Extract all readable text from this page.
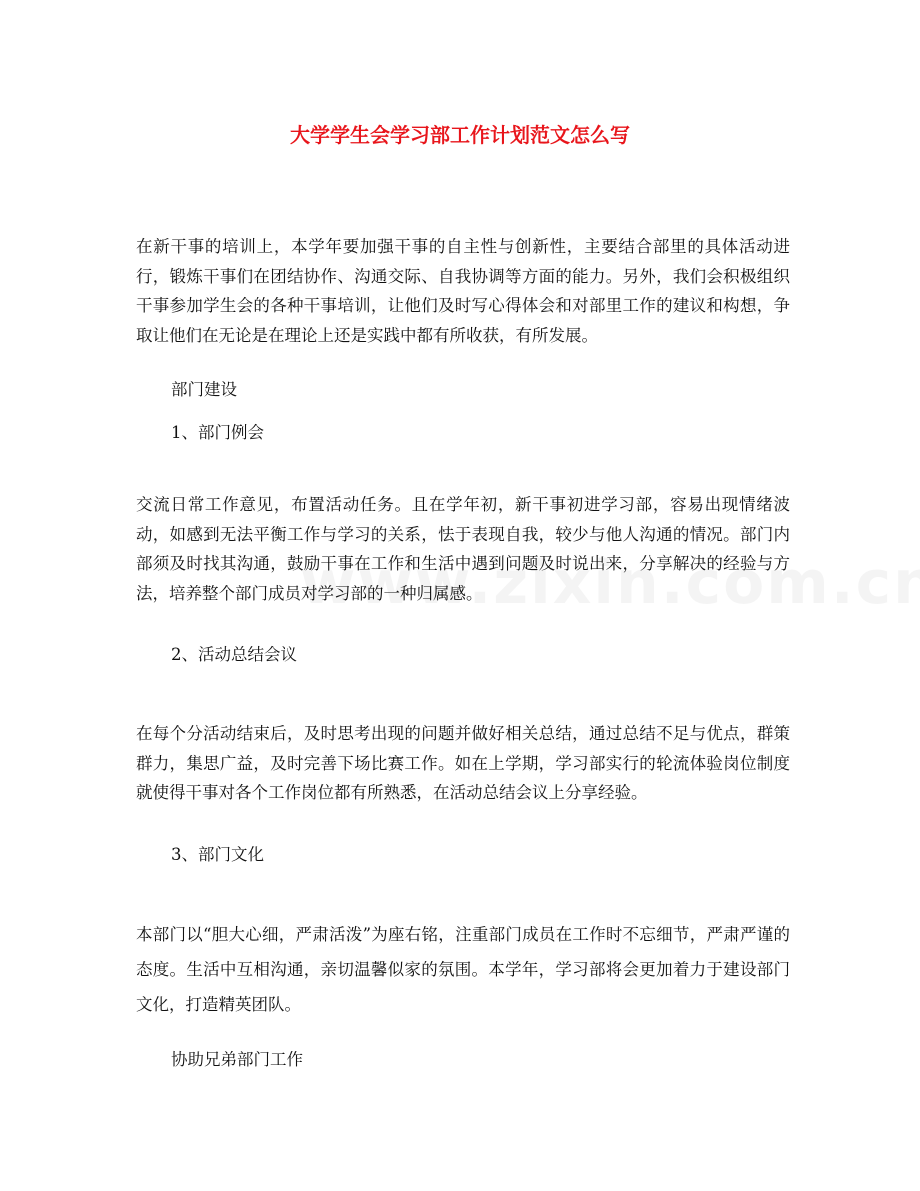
大学学生会学习部工作计划范文怎么写

在新干事的培训上，本学年要加强干事的自主性与创新性，主要结合部里的具体活动进行，锻炼干事们在团结协作、沟通交际、自我协调等方面的能力。另外，我们会积极组织干事参加学生会的各种干事培训，让他们及时写心得体会和对部里工作的建议和构想，争取让他们在无论是在理论上还是实践中都有所收获，有所发展。

部门建设

1、部门例会

交流日常工作意见，布置活动任务。且在学年初，新干事初进学习部，容易出现情绪波动，如感到无法平衡工作与学习的关系，怯于表现自我，较少与他人沟通的情况。部门内部须及时找其沟通，鼓励干事在工作和生活中遇到问题及时说出来，分享解决的经验与方法，培养整个部门成员对学习部的一种归属感。

2、活动总结会议

在每个分活动结束后，及时思考出现的问题并做好相关总结，通过总结不足与优点，群策群力，集思广益，及时完善下场比赛工作。如在上学期，学习部实行的轮流体验岗位制度就使得干事对各个工作岗位都有所熟悉，在活动总结会议上分享经验。

3、部门文化

本部门以“胆大心细，严肃活泼”为座右铭，注重部门成员在工作时不忘细节，严肃严谨的态度。生活中互相沟通，亲切温馨似家的氛围。本学年，学习部将会更加着力于建设部门文化，打造精英团队。

协助兄弟部门工作
